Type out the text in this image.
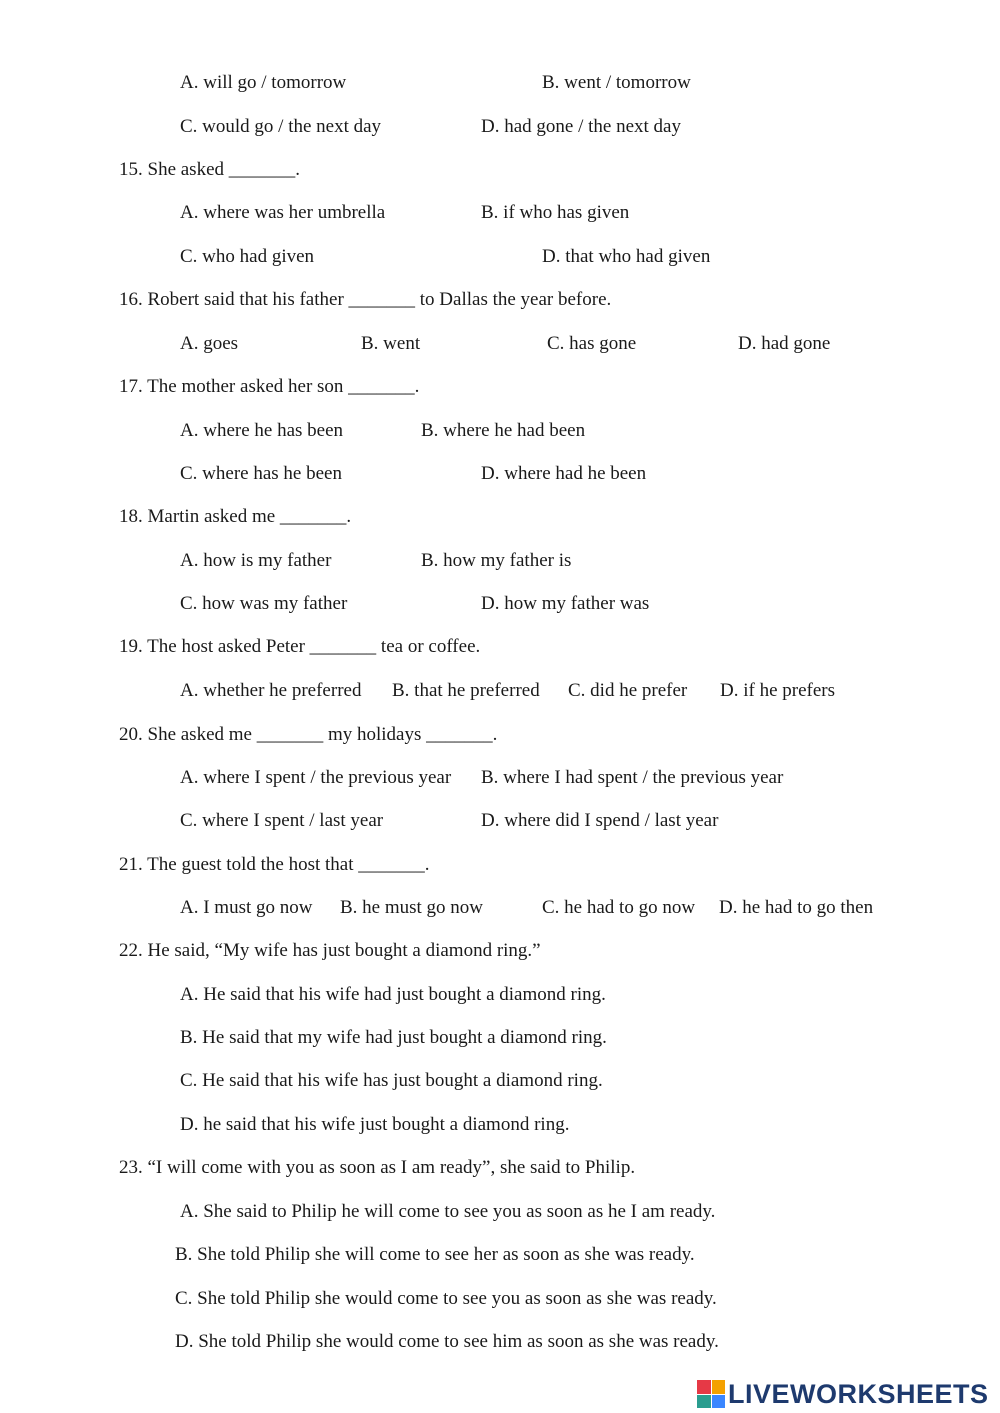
A. will go / tomorrow	B. went / tomorrow
C. would go / the next day	D. had gone / the next day
15. She asked _______.
A. where was her umbrella	B. if who has given
C. who had given	D. that who had given
16. Robert said that his father _______ to Dallas the year before.
A. goes	B. went	C. has gone	D. had gone
17. The mother asked her son _______.
A. where he has been	B. where he had been
C. where has he been	D. where had he been
18. Martin asked me _______.
A. how is my father	B. how my father is
C. how was my father	D. how my father was
19. The host asked Peter _______ tea or coffee.
A. whether he preferred B. that he preferred C. did he prefer D. if he prefers
20. She asked me _______ my holidays _______.
A. where I spent / the previous year B. where I had spent / the previous year
C. where I spent / last year	D. where did I spend / last year
21. The guest told the host that _______.
A. I must go now B. he must go now	C. he had to go now D. he had to go then
22. He said, “My wife has just bought a diamond ring.”
A. He said that his wife had just bought a diamond ring.
B. He said that my wife had just bought a diamond ring.
C. He said that his wife has just bought a diamond ring.
D. he said that his wife just bought a diamond ring.
23. “I will come with you as soon as I am ready”, she said to Philip.
A. She said to Philip he will come to see you as soon as he I am ready.
B. She told Philip she will come to see her as soon as she was ready.
C. She told Philip she would come to see you as soon as she was ready.
D. She told Philip she would come to see him as soon as she was ready.
LIVEWORKSHEETS
